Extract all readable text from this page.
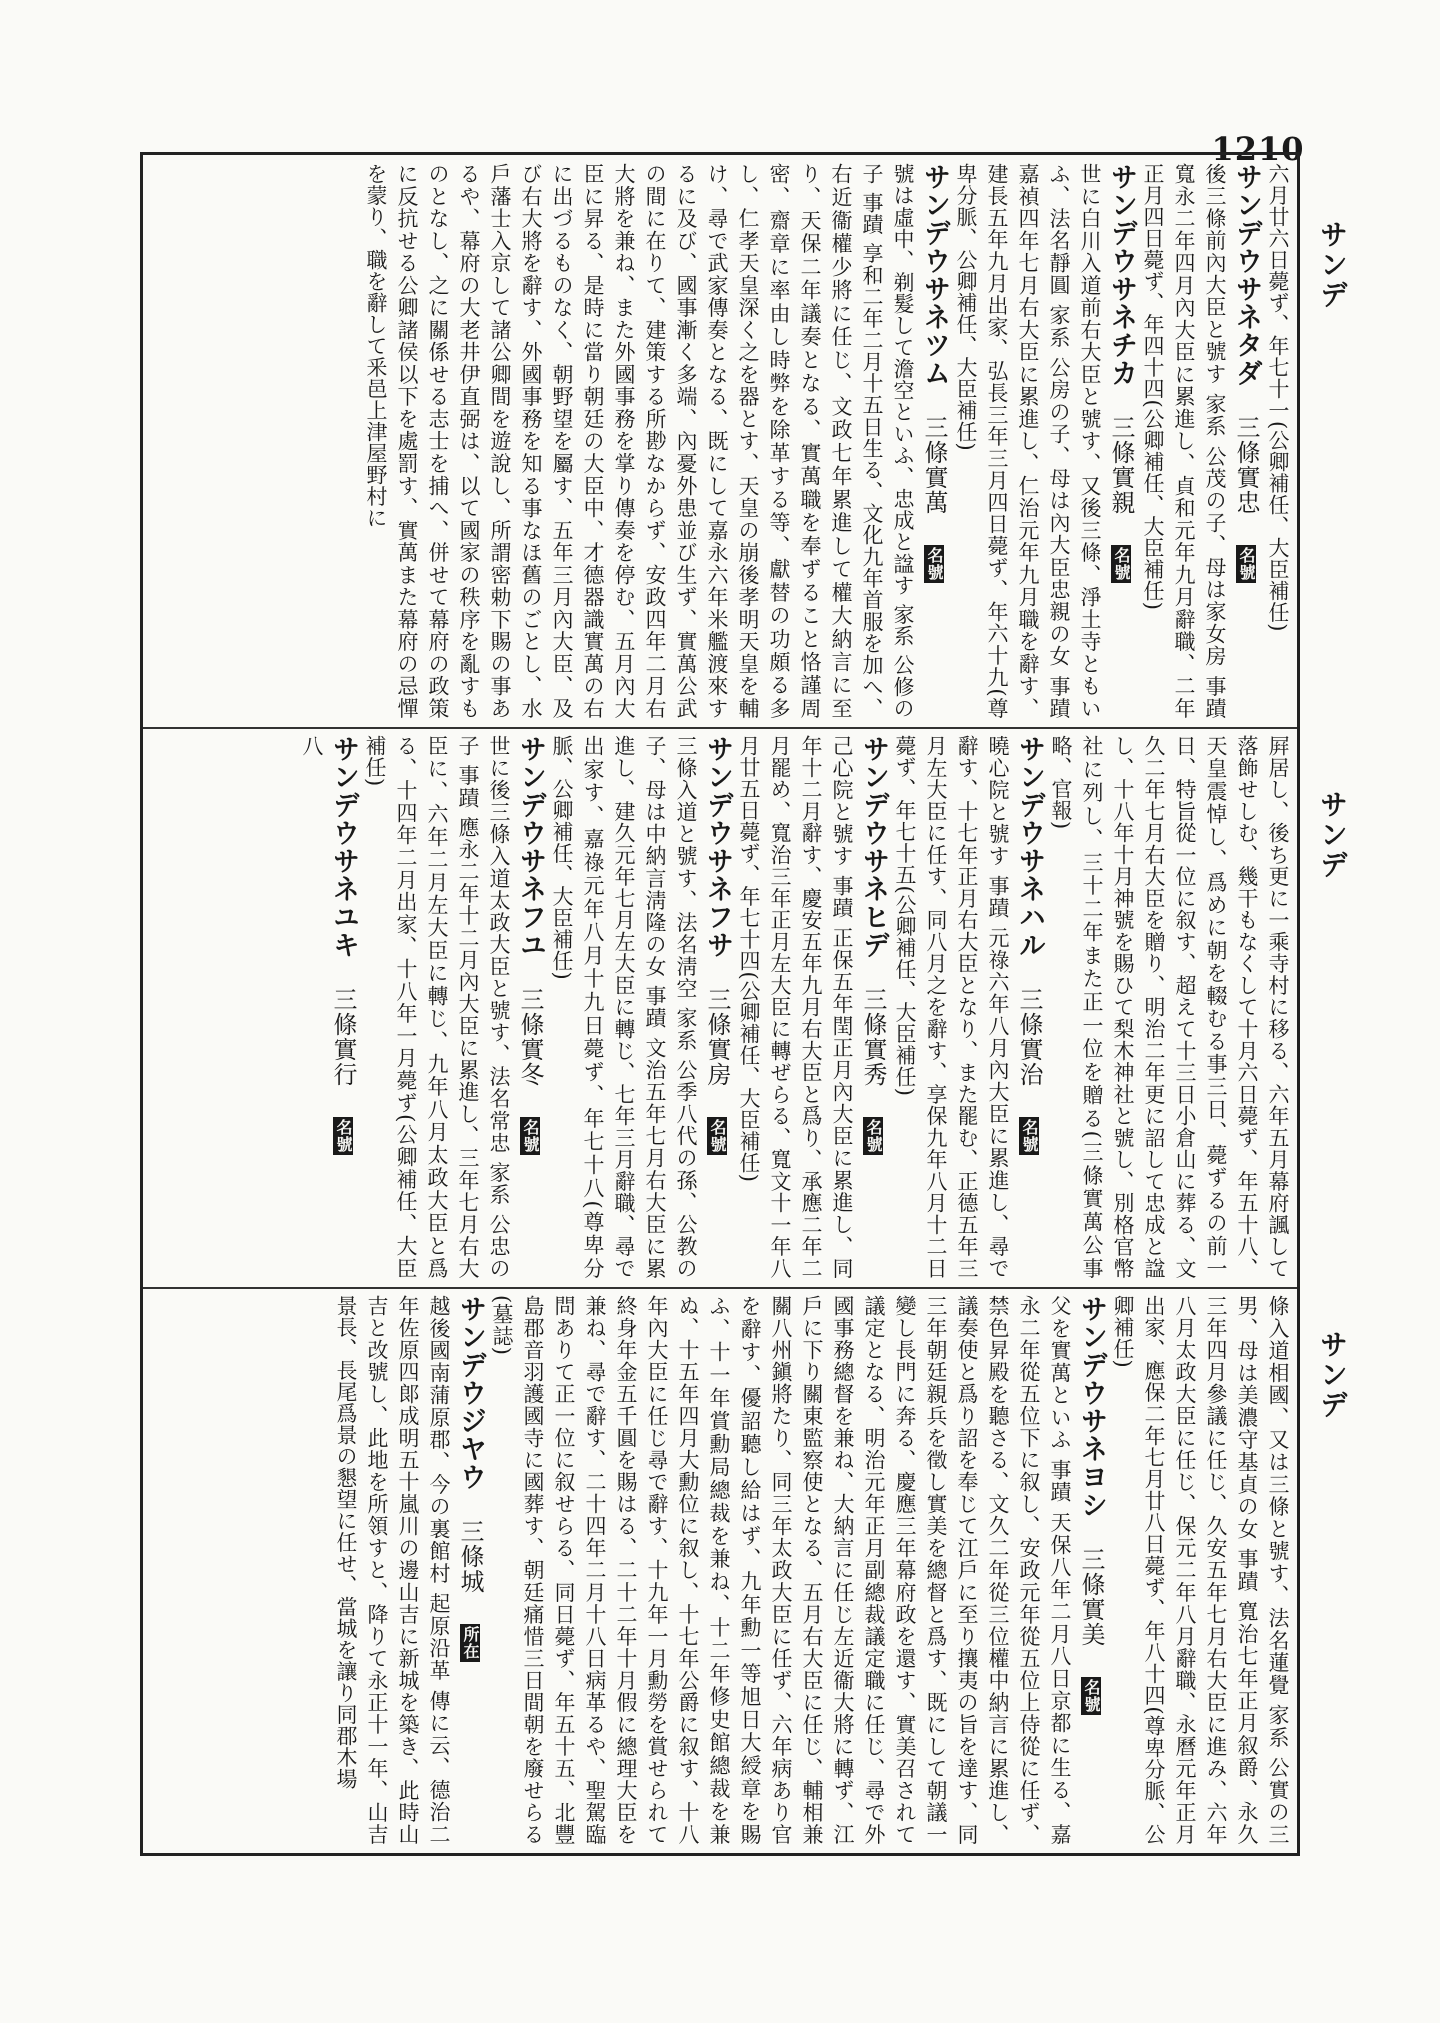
1210
六月廿六日薨ず、年七十一(公卿補任、大臣補任)
サンデウサネタダ三條實忠名號
後三條前內大臣と號す 家系 公茂の子、母は家女房 事蹟 寬永二年四月內大臣に累進し、貞和元年九月辭職、二年正月四日薨ず、年四十四(公卿補任、大臣補任)
サンデウサネチカ三條實親名號
世に白川入道前右大臣と號す、又後三條、淨土寺ともいふ、法名靜圓 家系 公房の子、母は內大臣忠親の女 事蹟 嘉禎四年七月右大臣に累進し、仁治元年九月職を辭す、建長五年九月出家、弘長三年三月四日薨ず、年六十九(尊卑分脈、公卿補任、大臣補任)
サンデウサネツム三條實萬名號
號は虛中、剃髮して澹空といふ、忠成と諡す 家系 公修の子 事蹟 享和二年二月十五日生る、文化九年首服を加へ、右近衞權少將に任じ、文政七年累進して權大納言に至り、天保二年議奏となる、實萬職を奉ずること恪謹周密、齋章に率由し時弊を除革する等、獻替の功頗る多し、仁孝天皇深く之を器とす、天皇の崩後孝明天皇を輔け、尋で武家傳奏となる、既にして嘉永六年米艦渡來するに及び、國事漸く多端、內憂外患並び生ず、實萬公武の間に在りて、建策する所尠なからず、安政四年二月右大將を兼ね、また外國事務を掌り傳奏を停む、五月內大臣に昇る、是時に當り朝廷の大臣中、才德器識實萬の右に出づるものなく、朝野望を屬す、五年三月內大臣、及び右大將を辭す、外國事務を知る事なほ舊のごとし、水戶藩士入京して諸公卿間を遊說し、所謂密勅下賜の事あるや、幕府の大老井伊直弼は、以て國家の秩序を亂すものとなし、之に關係せる志士を捕へ、併せて幕府の政策に反抗せる公卿諸侯以下を處罰す、實萬また幕府の忌憚を蒙り、職を辭して釆邑上津屋野村に
屛居し、後ち更に一乘寺村に移る、六年五月幕府諷して落飾せしむ、幾干もなくして十月六日薨ず、年五十八、天皇震悼し、爲めに朝を輟むる事三日、薨ずるの前一日、特旨從一位に叙す、超えて十三日小倉山に葬る、文久二年七月右大臣を贈り、明治二年更に詔して忠成と諡し、十八年十月神號を賜ひて梨木神社と號し、別格官幣社に列し、三十二年また正一位を贈る(三條實萬公事略、官報)
サンデウサネハル三條實治名號
曉心院と號す 事蹟 元祿六年八月內大臣に累進し、尋で辭す、十七年正月右大臣となり、また罷む、正德五年三月左大臣に任す、同八月之を辭す、享保九年八月十二日薨ず、年七十五(公卿補任、大臣補任)
サンデウサネヒデ三條實秀名號
己心院と號す 事蹟 正保五年閏正月內大臣に累進し、同年十二月辭す、慶安五年九月右大臣と爲り、承應二年二月罷め、寬治三年正月左大臣に轉ぜらる、寬文十一年八月廿五日薨ず、年七十四(公卿補任、大臣補任)
サンデウサネフサ三條實房名號
三條入道と號す、法名淸空 家系 公季八代の孫、公教の子、母は中納言淸隆の女 事蹟 文治五年七月右大臣に累進し、建久元年七月左大臣に轉じ、七年三月辭職、尋で出家す、嘉祿元年八月十九日薨ず、年七十八(尊卑分脈、公卿補任、大臣補任)
サンデウサネフユ三條實冬名號
世に後三條入道太政大臣と號す、法名常忠 家系 公忠の子 事蹟 應永二年十二月內大臣に累進し、三年七月右大臣に、六年二月左大臣に轉じ、九年八月太政大臣と爲る、十四年二月出家、十八年一月薨ず(公卿補任、大臣補任)
サンデウサネユキ三條實行名號
八
條入道相國、又は三條と號す、法名蓮覺 家系 公實の三男、母は美濃守基貞の女 事蹟 寬治七年正月叙爵、永久三年四月參議に任じ、久安五年七月右大臣に進み、六年八月太政大臣に任じ、保元二年八月辭職、永曆元年正月出家、應保二年七月廿八日薨ず、年八十四(尊卑分脈、公卿補任)
サンデウサネヨシ三條實美名號
父を實萬といふ 事蹟 天保八年二月八日京都に生る、嘉永二年從五位下に叙し、安政元年從五位上侍從に任ず、禁色昇殿を聽さる、文久二年從三位權中納言に累進し、議奏使と爲り詔を奉じて江戶に至り攘夷の旨を達す、同三年朝廷親兵を徵し實美を總督と爲す、既にして朝議一變し長門に奔る、慶應三年幕府政を還す、實美召されて議定となる、明治元年正月副總裁議定職に任じ、尋で外國事務總督を兼ね、大納言に任じ左近衞大將に轉ず、江戶に下り關東監察使となる、五月右大臣に任じ、輔相兼關八州鎭將たり、同三年太政大臣に任ず、六年病あり官を辭す、優詔聽し給はず、九年勳一等旭日大綬章を賜ふ、十一年賞勳局總裁を兼ね、十二年修史館總裁を兼ぬ、十五年四月大勳位に叙し、十七年公爵に叙す、十八年內大臣に任じ尋で辭す、十九年一月勳勞を賞せられて終身年金五千圓を賜はる、二十二年十月假に總理大臣を兼ね、尋で辭す、二十四年二月十八日病革るや、聖駕臨問ありて正一位に叙せらる、同日薨ず、年五十五、北豐島郡音羽護國寺に國葬す、朝廷痛惜三日間朝を廢せらる(墓誌)
サンデウジヤウ三條城所在
越後國南蒲原郡、今の裏館村 起原沿革 傳に云、德治二年佐原四郞成明五十嵐川の邊山吉に新城を築き、此時山吉と改號し、此地を所領すと、降りて永正十一年、山吉景長、長尾爲景の懇望に任せ、當城を讓り同郡木場
サンデ
サンデ
サンデ
